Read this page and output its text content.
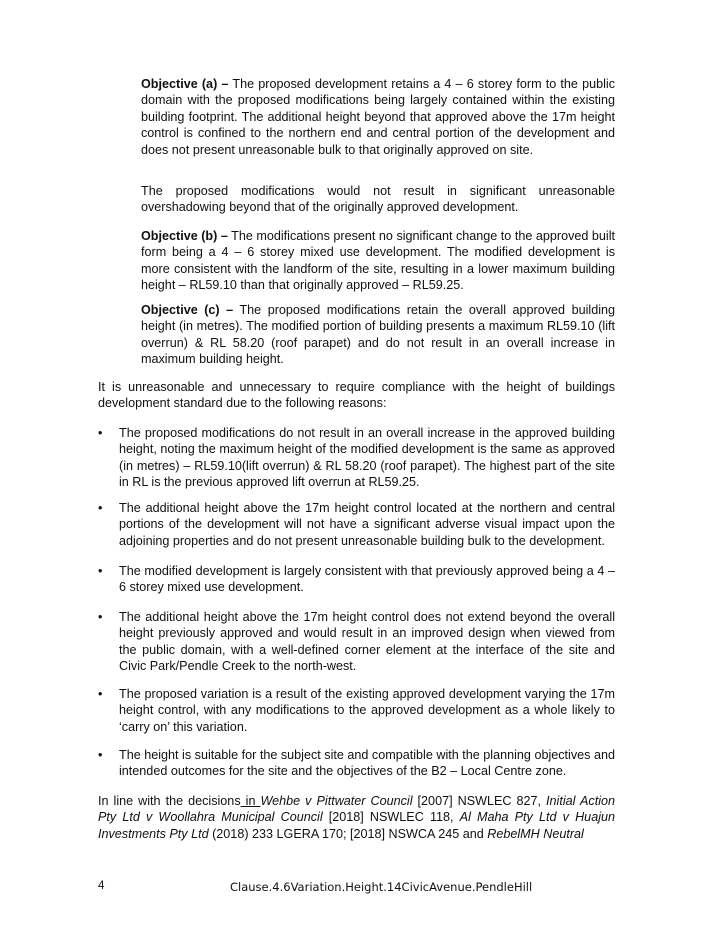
Objective (a) – The proposed development retains a 4 – 6 storey form to the public domain with the proposed modifications being largely contained within the existing building footprint. The additional height beyond that approved above the 17m height control is confined to the northern end and central portion of the development and does not present unreasonable bulk to that originally approved on site.
The proposed modifications would not result in significant unreasonable overshadowing beyond that of the originally approved development.
Objective (b) – The modifications present no significant change to the approved built form being a 4 – 6 storey mixed use development. The modified development is more consistent with the landform of the site, resulting in a lower maximum building height – RL59.10 than that originally approved – RL59.25.
Objective (c) – The proposed modifications retain the overall approved building height (in metres). The modified portion of building presents a maximum RL59.10 (lift overrun) & RL 58.20 (roof parapet) and do not result in an overall increase in maximum building height.
It is unreasonable and unnecessary to require compliance with the height of buildings development standard due to the following reasons:
•	The proposed modifications do not result in an overall increase in the approved building height, noting the maximum height of the modified development is the same as approved (in metres) – RL59.10(lift overrun) & RL 58.20 (roof parapet). The highest part of the site in RL is the previous approved lift overrun at RL59.25.
•	The additional height above the 17m height control located at the northern and central portions of the development will not have a significant adverse visual impact upon the adjoining properties and do not present unreasonable building bulk to the development.
•	The modified development is largely consistent with that previously approved being a 4 – 6 storey mixed use development.
•	The additional height above the 17m height control does not extend beyond the overall height previously approved and would result in an improved design when viewed from the public domain, with a well-defined corner element at the interface of the site and Civic Park/Pendle Creek to the north-west.
•	The proposed variation is a result of the existing approved development varying the 17m height control, with any modifications to the approved development as a whole likely to ‘carry on’ this variation.
•	The height is suitable for the subject site and compatible with the planning objectives and intended outcomes for the site and the objectives of the B2 – Local Centre zone.
In line with the decisions in Wehbe v Pittwater Council [2007] NSWLEC 827, Initial Action Pty Ltd v Woollahra Municipal Council [2018] NSWLEC 118, Al Maha Pty Ltd v Huajun Investments Pty Ltd (2018) 233 LGERA 170; [2018] NSWCA 245 and RebelMH Neutral
4	Clause.4.6Variation.Height.14CivicAvenue.PendleHill
